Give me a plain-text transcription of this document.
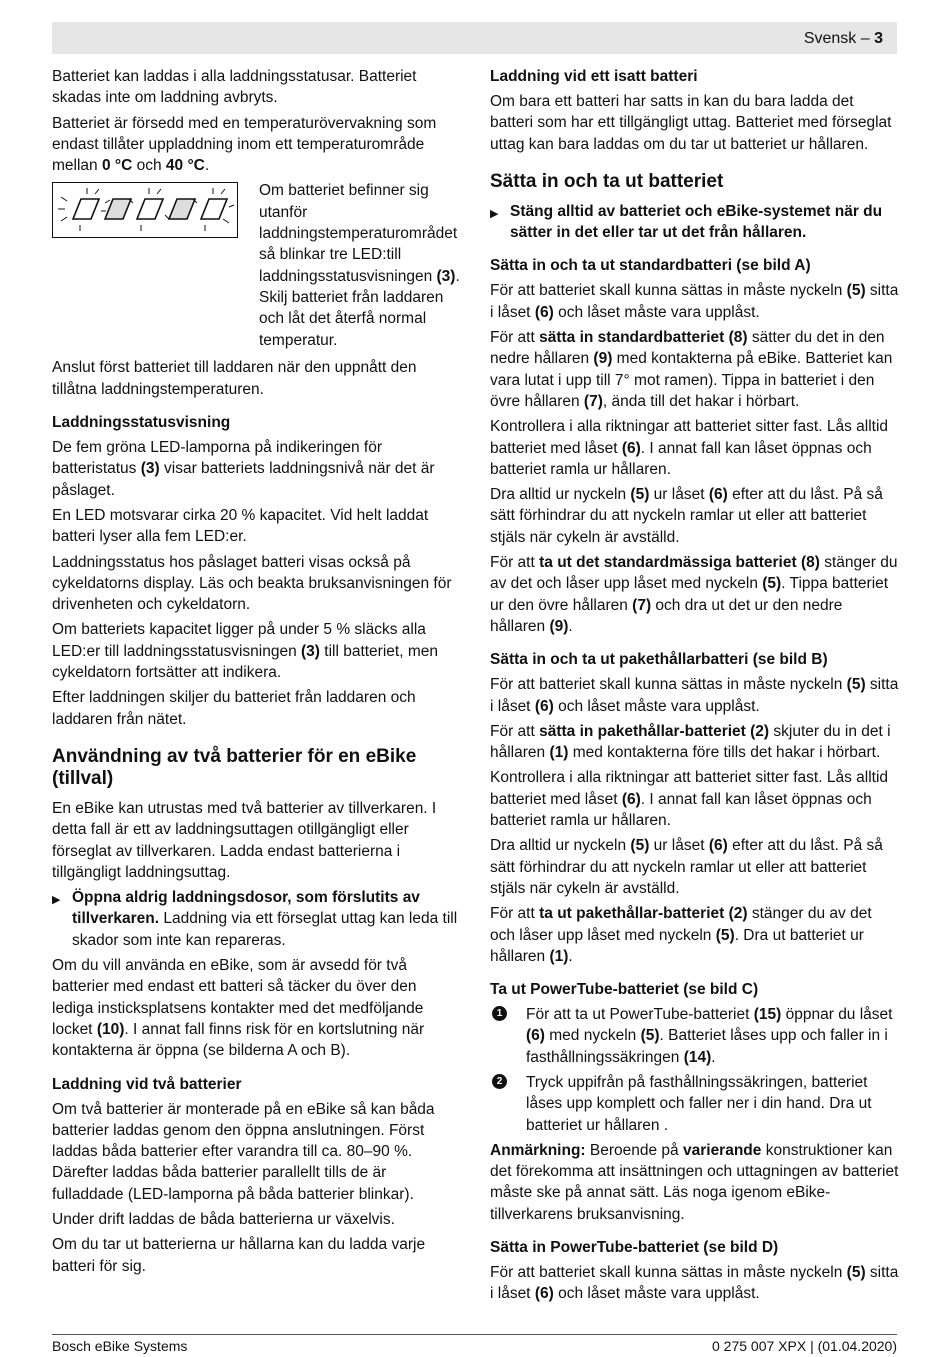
Svensk – 3

Batteriet kan laddas i alla laddningsstatusar. Batteriet skadas inte om laddning avbryts.

Batteriet är försedd med en temperaturövervakning som endast tillåter uppladdning inom ett temperaturområde mellan 0 °C och 40 °C.

Om batteriet befinner sig utanför laddningstemperaturområdet så blinkar tre LED:till laddningsstatusvisningen (3). Skilj batteriet från laddaren och låt det återfå normal temperatur.

Anslut först batteriet till laddaren när den uppnått den tillåtna laddningstemperaturen.

Laddningsstatusvisning

De fem gröna LED-lamporna på indikeringen för batteristatus (3) visar batteriets laddningsnivå när det är påslaget.

En LED motsvarar cirka 20 % kapacitet. Vid helt laddat batteri lyser alla fem LED:er.

Laddningsstatus hos påslaget batteri visas också på cykeldatorns display. Läs och beakta bruksanvisningen för drivenheten och cykeldatorn.

Om batteriets kapacitet ligger på under 5 % släcks alla LED:er till laddningsstatusvisningen (3) till batteriet, men cykeldatorn fortsätter att indikera.

Efter laddningen skiljer du batteriet från laddaren och laddaren från nätet.

Användning av två batterier för en eBike (tillval)

En eBike kan utrustas med två batterier av tillverkaren. I detta fall är ett av laddningsuttagen otillgängligt eller förseglat av tillverkaren. Ladda endast batterierna i tillgängligt laddningsuttag.

▶ Öppna aldrig laddningsdosor, som förslutits av tillverkaren. Laddning via ett förseglat uttag kan leda till skador som inte kan repareras.

Om du vill använda en eBike, som är avsedd för två batterier med endast ett batteri så täcker du över den lediga insticksplatsens kontakter med det medföljande locket (10). I annat fall finns risk för en kortslutning när kontakterna är öppna (se bilderna A och B).

Laddning vid två batterier

Om två batterier är monterade på en eBike så kan båda batterier laddas genom den öppna anslutningen. Först laddas båda batterier efter varandra till ca. 80–90 %. Därefter laddas båda batterier parallellt tills de är fulladdade (LED-lamporna på båda batterier blinkar).

Under drift laddas de båda batterierna ur växelvis.

Om du tar ut batterierna ur hållarna kan du ladda varje batteri för sig.

Laddning vid ett isatt batteri

Om bara ett batteri har satts in kan du bara ladda det batteri som har ett tillgängligt uttag. Batteriet med förseglat uttag kan bara laddas om du tar ut batteriet ur hållaren.

Sätta in och ta ut batteriet
▶ Stäng alltid av batteriet och eBike-systemet när du sätter in det eller tar ut det från hållaren.
Sätta in och ta ut standardbatteri (se bild A)

För att batteriet skall kunna sättas in måste nyckeln (5) sitta i låset (6) och låset måste vara upplåst.

För att sätta in standardbatteriet (8) sätter du det in den nedre hållaren (9) med kontakterna på eBike. Batteriet kan vara lutat i upp till 7° mot ramen). Tippa in batteriet i den övre hållaren (7), ända till det hakar i hörbart.

Kontrollera i alla riktningar att batteriet sitter fast. Lås alltid batteriet med låset (6). I annat fall kan låset öppnas och batteriet ramla ur hållaren.

Dra alltid ur nyckeln (5) ur låset (6) efter att du låst. På så sätt förhindrar du att nyckeln ramlar ut eller att batteriet stjäls när cykeln är avställd.

För att ta ut det standardmässiga batteriet (8) stänger du av det och låser upp låset med nyckeln (5). Tippa batteriet ur den övre hållaren (7) och dra ut det ur den nedre hållaren (9).

Sätta in och ta ut pakethållarbatteri (se bild B)

För att batteriet skall kunna sättas in måste nyckeln (5) sitta i låset (6) och låset måste vara upplåst.

För att sätta in pakethållar-batteriet (2) skjuter du in det i hållaren (1) med kontakterna före tills det hakar i hörbart.

Kontrollera i alla riktningar att batteriet sitter fast. Lås alltid batteriet med låset (6). I annat fall kan låset öppnas och batteriet ramla ur hållaren.

Dra alltid ur nyckeln (5) ur låset (6) efter att du låst. På så sätt förhindrar du att nyckeln ramlar ut eller att batteriet stjäls när cykeln är avställd.

För att ta ut pakethållar-batteriet (2) stänger du av det och låser upp låset med nyckeln (5). Dra ut batteriet ur hållaren (1).

Ta ut PowerTube-batteriet (se bild C)
1	För att ta ut PowerTube-batteriet (15) öppnar du låset (6) med nyckeln (5). Batteriet låses upp och faller in i fasthållningssäkringen (14).
2	Tryck uppifrån på fasthållningssäkringen, batteriet låses upp komplett och faller ner i din hand. Dra ut batteriet ur hållaren .

Anmärkning: Beroende på varierande konstruktioner kan det förekomma att insättningen och uttagningen av batteriet måste ske på annat sätt. Läs noga igenom eBike-tillverkarens bruksanvisning.

Sätta in PowerTube-batteriet (se bild D)

För att batteriet skall kunna sättas in måste nyckeln (5) sitta i låset (6) och låset måste vara upplåst.

Bosch eBike Systems	0 275 007 XPX | (01.04.2020)
